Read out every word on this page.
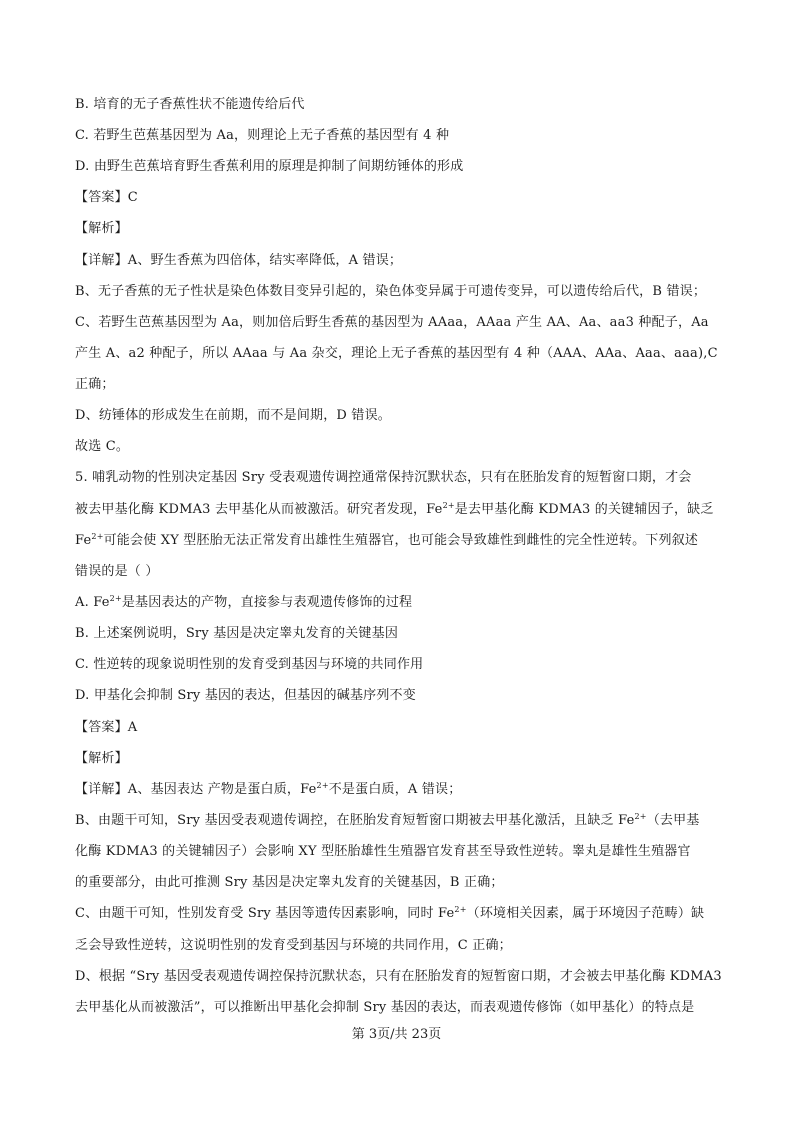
B. 培育的无子香蕉性状不能遗传给后代
C. 若野生芭蕉基因型为 Aa，则理论上无子香蕉的基因型有 4 种
D. 由野生芭蕉培育野生香蕉利用的原理是抑制了间期纺锤体的形成
【答案】C
【解析】
【详解】A、野生香蕉为四倍体，结实率降低，A 错误；
B、无子香蕉的无子性状是染色体数目变异引起的，染色体变异属于可遗传变异，可以遗传给后代，B 错误；
C、若野生芭蕉基因型为 Aa，则加倍后野生香蕉的基因型为 AAaa，AAaa 产生 AA、Aa、aa3 种配子，Aa
产生 A、a2 种配子，所以 AAaa 与 Aa 杂交，理论上无子香蕉的基因型有 4 种（AAA、AAa、Aaa、aaa),C
正确；
D、纺锤体的形成发生在前期，而不是间期，D 错误。
故选 C。
5. 哺乳动物的性别决定基因 Sry 受表观遗传调控通常保持沉默状态，只有在胚胎发育的短暂窗口期，才会
被去甲基化酶 KDMA3 去甲基化从而被激活。研究者发现，$Fe^{2+}$是去甲基化酶 KDMA3 的关键辅因子，缺乏
$Fe^{2+}$可能会使 XY 型胚胎无法正常发育出雄性生殖器官，也可能会导致雄性到雌性的完全性逆转。下列叙述
错误的是（ ）
A. $Fe^{2+}$是基因表达的产物，直接参与表观遗传修饰的过程
B. 上述案例说明，Sry 基因是决定睾丸发育的关键基因
C. 性逆转的现象说明性别的发育受到基因与环境的共同作用
D. 甲基化会抑制 Sry 基因的表达，但基因的碱基序列不变
【答案】A
【解析】
【详解】A、基因表达 产物是蛋白质，$Fe^{2+}$不是蛋白质，A 错误；
B、由题干可知，Sry 基因受表观遗传调控，在胚胎发育短暂窗口期被去甲基化激活，且缺乏 $Fe^{2+}$（去甲基
化酶 KDMA3 的关键辅因子）会影响 XY 型胚胎雄性生殖器官发育甚至导致性逆转。睾丸是雄性生殖器官
的重要部分，由此可推测 Sry 基因是决定睾丸发育的关键基因，B 正确；
C、由题干可知，性别发育受 Sry 基因等遗传因素影响，同时 $Fe^{2+}$（环境相关因素，属于环境因子范畴）缺
乏会导致性逆转，这说明性别的发育受到基因与环境的共同作用，C 正确；
D、根据 “Sry 基因受表观遗传调控保持沉默状态，只有在胚胎发育的短暂窗口期，才会被去甲基化酶 KDMA3
去甲基化从而被激活”，可以推断出甲基化会抑制 Sry 基因的表达，而表观遗传修饰（如甲基化）的特点是
第 3页/共 23页
